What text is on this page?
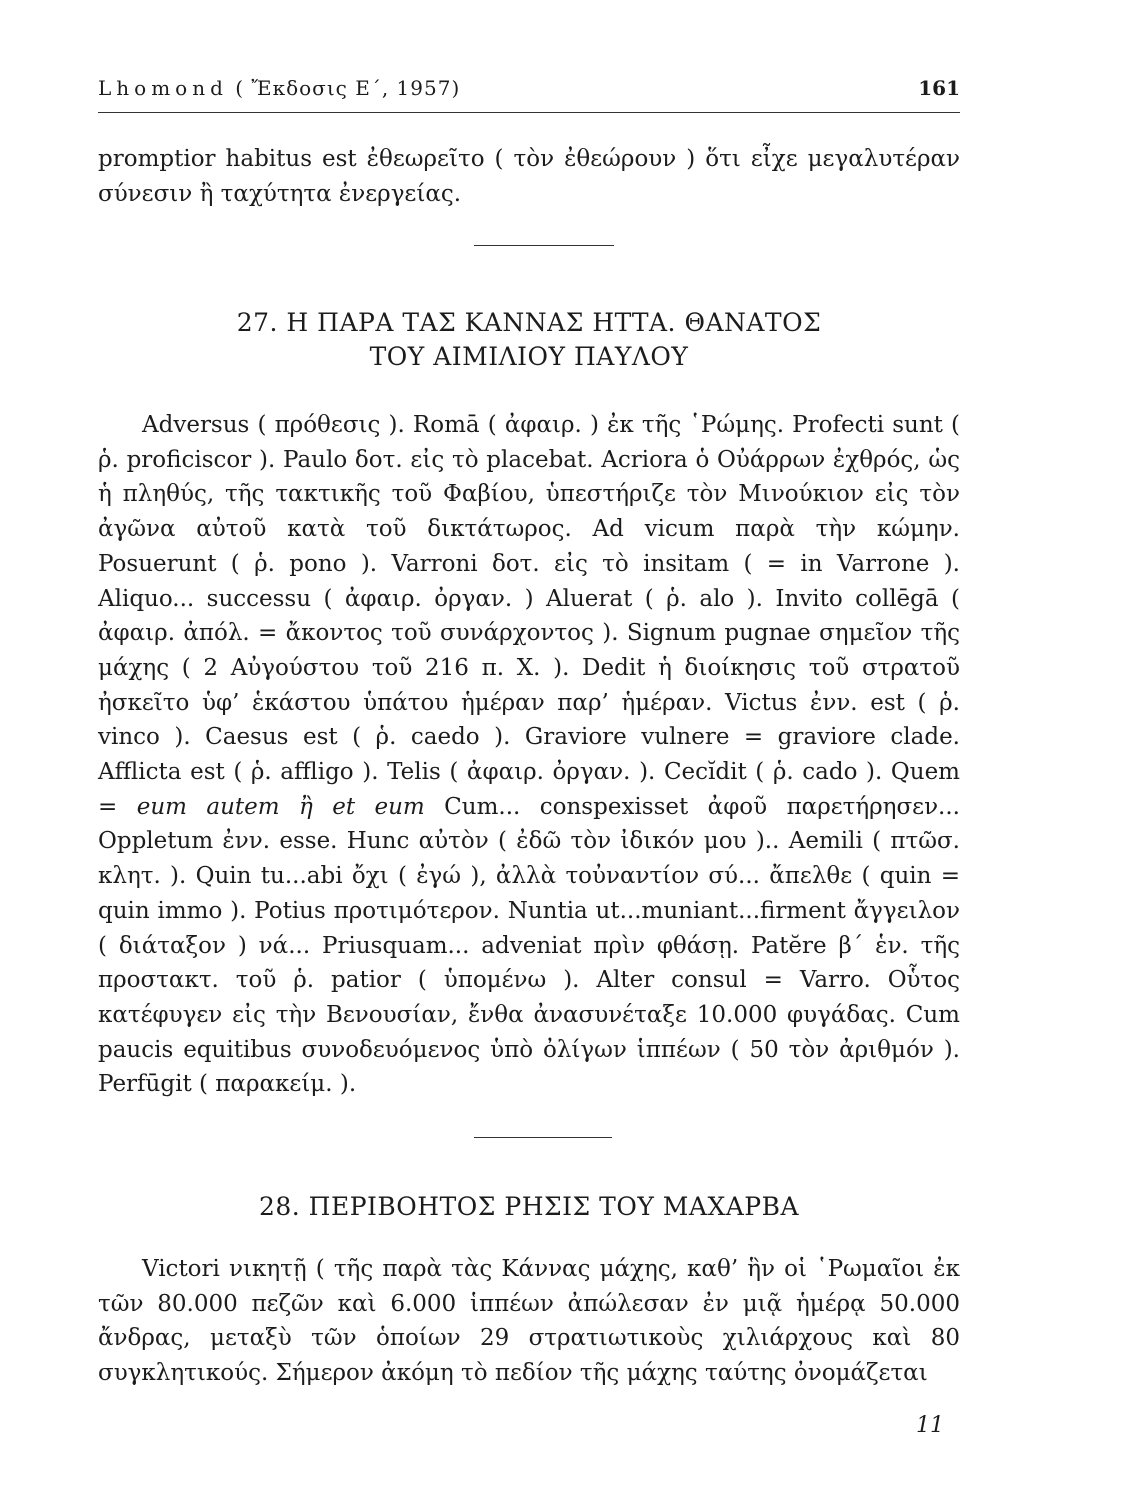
Lhomond ( Ἔκδοσις Ε΄, 1957)	161
promptior habitus est ἐθεωρεῖτο ( τὸν ἐθεώρουν ) ὅτι εἶχε μεγαλυτέραν σύνεσιν ἢ ταχύτητα ἐνεργείας.
27. Η ΠΑΡΑ ΤΑΣ ΚΑΝΝΑΣ ΗΤΤΑ. ΘΑΝΑΤΟΣ
ΤΟΥ ΑΙΜΙΛΙΟΥ ΠΑΥΛΟΥ
Adversus ( πρόθεσις ). Romā ( ἀφαιρ. ) ἐκ τῆς ῾Ρώμης. Profecti sunt ( ῥ. proficiscor ). Paulo δοτ. εἰς τὸ placebat. Acriora ὁ Οὐάρρων ἐχθρός, ὡς ἡ πληθύς, τῆς τακτικῆς τοῦ Φαβίου, ὑπεστήριζε τὸν Μινούκιον εἰς τὸν ἀγῶνα αὐτοῦ κατὰ τοῦ δικτάτωρος. Ad vicum παρὰ τὴν κώμην. Posuerunt ( ῥ. pono ). Varroni δοτ. εἰς τὸ insitam ( = in Varrone ). Aliquo... successu ( ἀφαιρ. ὀργαν. ) Aluerat ( ῥ. alo ). Invito collēgā ( ἀφαιρ. ἀπόλ. = ἄκοντος τοῦ συνάρχοντος ). Signum pugnae σημεῖον τῆς μάχης ( 2 Αὐγούστου τοῦ 216 π. Χ. ). Dedit ἡ διοίκησις τοῦ στρατοῦ ἠσκεῖτο ὑφ’ ἑκάστου ὑπάτου ἡμέραν παρ’ ἡμέραν. Victus ἐνν. est ( ῥ. vinco ). Caesus est ( ῥ. caedo ). Graviore vulnere = graviore clade. Afflicta est ( ῥ. affligo ). Telis ( ἀφαιρ. ὀργαν. ). Cecĭdit ( ῥ. cado ). Quem = eum autem ἢ et eum Cum... conspexisset ἀφοῦ παρετήρησεν... Oppletum ἐνν. esse. Hunc αὐτὸν ( ἐδῶ τὸν ἰδικόν μου ).. Aemili ( πτῶσ. κλητ. ). Quin tu...abi ὄχι ( ἐγώ ), ἀλλὰ τοὐναντίον σύ... ἄπελθε ( quin = quin immo ). Potius προτιμότερον. Nuntia ut...muniant...firment ἄγγειλον ( διάταξον ) νά... Priusquam... adveniat πρὶν φθάσῃ. Patĕre β΄ ἑν. τῆς προστακτ. τοῦ ῥ. patior ( ὑπομένω ). Alter consul = Varro. Οὗτος κατέφυγεν εἰς τὴν Βενουσίαν, ἔνθα ἀνασυνέταξε 10.000 φυγάδας. Cum paucis equitibus συνοδευόμενος ὑπὸ ὀλίγων ἱππέων ( 50 τὸν ἀριθμόν ). Perfūgit ( παρακείμ. ).
28. ΠΕΡΙΒΟΗΤΟΣ ΡΗΣΙΣ ΤΟΥ ΜΑΧΑΡΒΑ
Victori νικητῇ ( τῆς παρὰ τὰς Κάννας μάχης, καθ’ ἣν οἱ ῾Ρωμαῖοι ἐκ τῶν 80.000 πεζῶν καὶ 6.000 ἱππέων ἀπώλεσαν ἐν μιᾷ ἡμέρᾳ 50.000 ἄνδρας, μεταξὺ τῶν ὁποίων 29 στρατιωτικοὺς χιλιάρχους καὶ 80 συγκλητικούς. Σήμερον ἀκόμη τὸ πεδίον τῆς μάχης ταύτης ὀνομάζεται
11
